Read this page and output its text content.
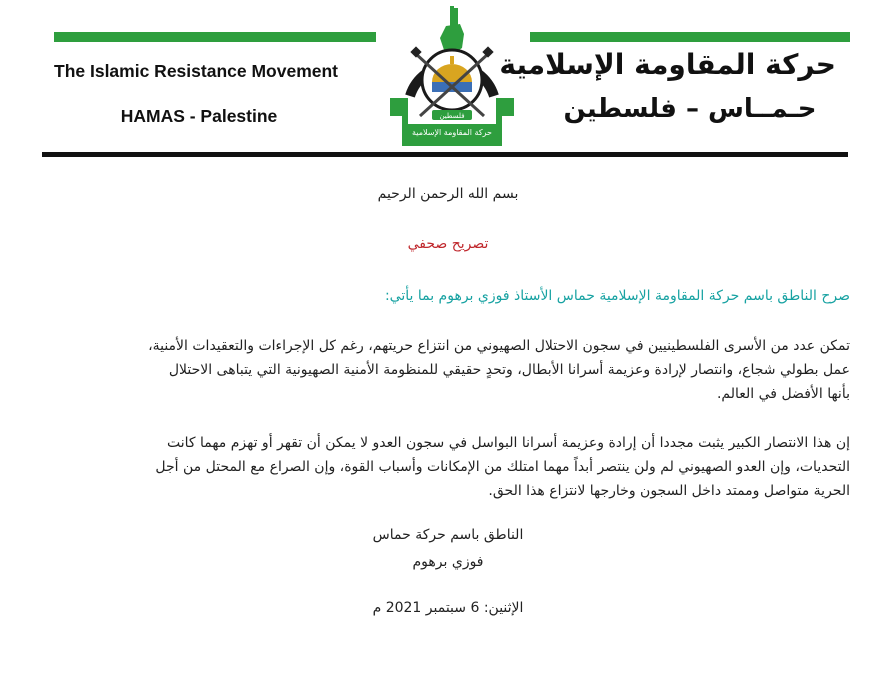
The Islamic Resistance Movement
HAMAS - Palestine
حركة المقاومة الإسلامية
حـمــاس – فلسطين
فلسطين
حركة المقاومة الإسلامية
بسم الله الرحمن الرحيم
تصريح صحفي
صرح الناطق باسم حركة المقاومة الإسلامية حماس الأستاذ فوزي برهوم بما يأتي:
تمكن عدد من الأسرى الفلسطينيين في سجون الاحتلال الصهيوني من انتزاع حريتهم، رغم كل الإجراءات والتعقيدات الأمنية،
عمل بطولي شجاع، وانتصار لإرادة وعزيمة أسرانا الأبطال، وتحدٍ حقيقي للمنظومة الأمنية الصهيونية التي يتباهى الاحتلال
بأنها الأفضل في العالم.
إن هذا الانتصار الكبير يثبت مجددا أن إرادة وعزيمة أسرانا البواسل في سجون العدو لا يمكن أن تقهر أو تهزم مهما كانت
التحديات، وإن العدو الصهيوني لم ولن ينتصر أبداً مهما امتلك من الإمكانات وأسباب القوة، وإن الصراع مع المحتل من أجل
الحرية متواصل وممتد داخل السجون وخارجها لانتزاع هذا الحق.
الناطق باسم حركة حماس
فوزي برهوم
الإثنين: 6 سبتمبر 2021 م
